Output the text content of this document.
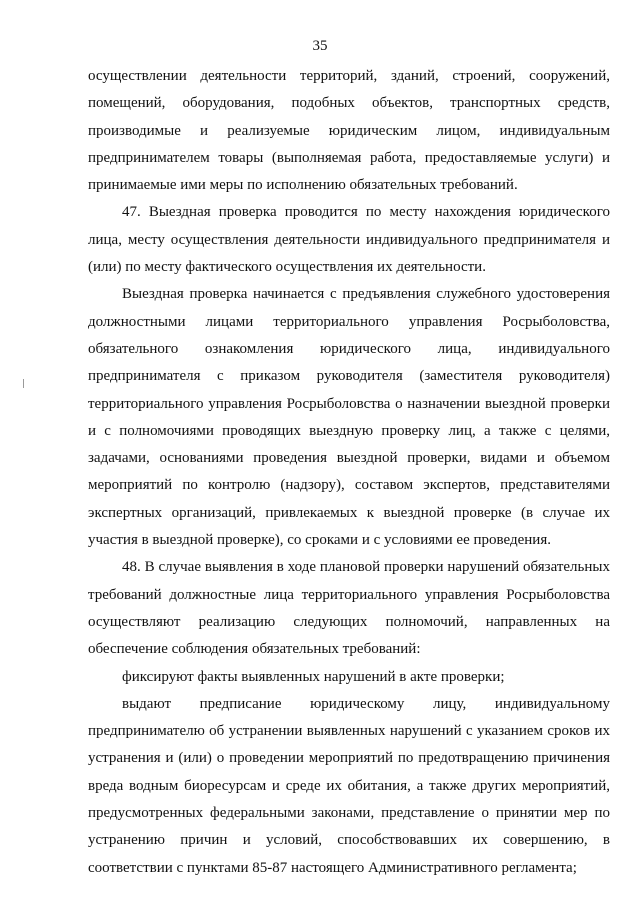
35

осуществлении деятельности территорий, зданий, строений, сооружений, помещений, оборудования, подобных объектов, транспортных средств, производимые и реализуемые юридическим лицом, индивидуальным предпринимателем товары (выполняемая работа, предоставляемые услуги) и принимаемые ими меры по исполнению обязательных требований.

47. Выездная проверка проводится по месту нахождения юридического лица, месту осуществления деятельности индивидуального предпринимателя и (или) по месту фактического осуществления их деятельности.

Выездная проверка начинается с предъявления служебного удостоверения должностными лицами территориального управления Росрыболовства, обязательного ознакомления юридического лица, индивидуального предпринимателя с приказом руководителя (заместителя руководителя) территориального управления Росрыболовства о назначении выездной проверки и с полномочиями проводящих выездную проверку лиц, а также с целями, задачами, основаниями проведения выездной проверки, видами и объемом мероприятий по контролю (надзору), составом экспертов, представителями экспертных организаций, привлекаемых к выездной проверке (в случае их участия в выездной проверке), со сроками и с условиями ее проведения.

48. В случае выявления в ходе плановой проверки нарушений обязательных требований должностные лица территориального управления Росрыболовства осуществляют реализацию следующих полномочий, направленных на обеспечение соблюдения обязательных требований:

фиксируют факты выявленных нарушений в акте проверки;

выдают предписание юридическому лицу, индивидуальному предпринимателю об устранении выявленных нарушений с указанием сроков их устранения и (или) о проведении мероприятий по предотвращению причинения вреда водным биоресурсам и среде их обитания, а также других мероприятий, предусмотренных федеральными законами, представление о принятии мер по устранению причин и условий, способствовавших их совершению, в соответствии с пунктами 85-87 настоящего Административного регламента;
